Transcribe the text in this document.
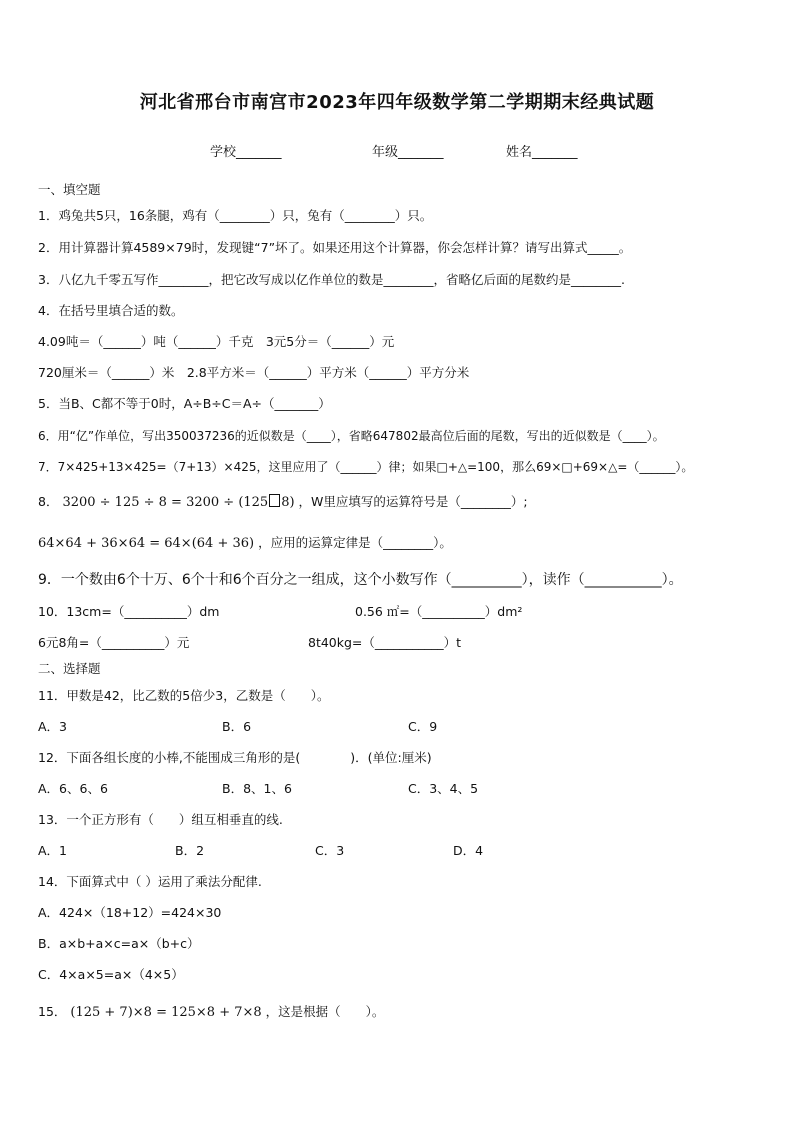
河北省邢台市南宫市2023年四年级数学第二学期期末经典试题
学校_______	年级_______	姓名_______
一、填空题
1．鸡兔共5只，16条腿，鸡有（________）只，兔有（________）只。
2．用计算器计算4589×79时，发现键“7”坏了。如果还用这个计算器，你会怎样计算？请写出算式_____。
3．八亿九千零五写作________，把它改写成以亿作单位的数是________，省略亿后面的尾数约是________.
4．在括号里填合适的数。
4.09吨＝（______）吨（______）千克　3元5分＝（______）元
720厘米＝（______）米　2.8平方米＝（______）平方米（______）平方分米
5．当B、C都不等于0时，A÷B÷C＝A÷（_______）
6．用“亿”作单位，写出350037236的近似数是（____），省略647802最高位后面的尾数，写出的近似数是（____）。
7．7×425+13×425=（7+13）×425，这里应用了（______）律；如果□+△=100，那么69×□+69×△=（______）。
8． 3200 ÷ 125 ÷ 8 = 3200 ÷ (125 8) ，W里应填写的运算符号是（________）;
64×64 + 36×64 = 64×(64 + 36) ，应用的运算定律是（________）。
9．一个数由6个十万、6个十和6个百分之一组成，这个小数写作（__________），读作（___________）。
10．13cm=（__________）dm	0.56 ㎡=（__________）dm²
6元8角=（__________）元	8t40kg=（___________）t
二、选择题
11．甲数是42，比乙数的5倍少3，乙数是（　　）。
A．3	B．6	C．9
12．下面各组长度的小棒,不能围成三角形的是(　　　　)．(单位:厘米)
A．6、6、6	B．8、1、6	C．3、4、5
13．一个正方形有（　　）组互相垂直的线.
A．1	B．2	C．3	D．4
14．下面算式中（ ）运用了乘法分配律.
A．424×（18+12）=424×30
B．a×b+a×c=a×（b+c）
C．4×a×5=a×（4×5）
15． (125 + 7)×8 = 125×8 + 7×8 ，这是根据（　　）。
